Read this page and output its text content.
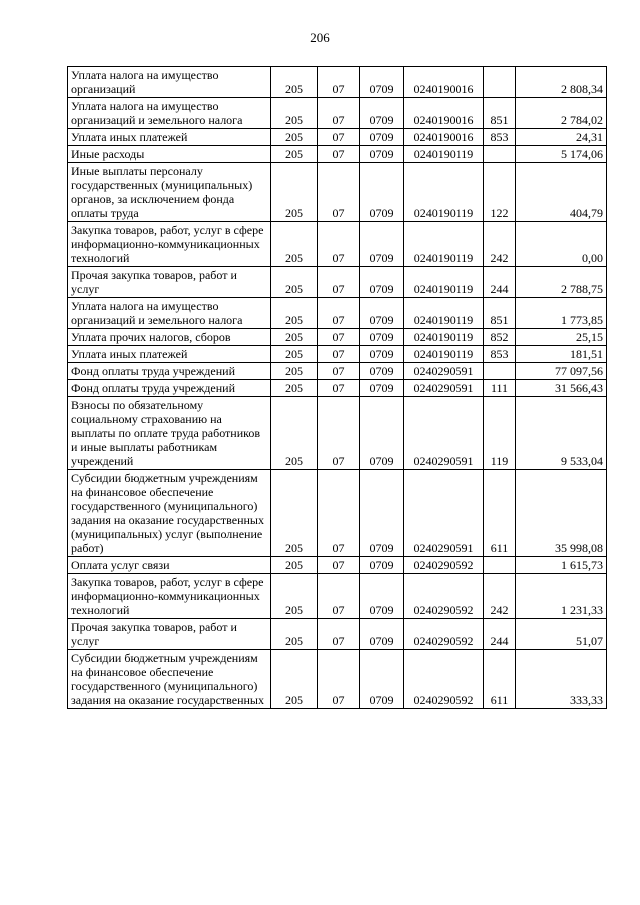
206
Уплата налога на имущество организаций	205	07	0709	0240190016		2 808,34
Уплата налога на имущество организаций и земельного налога	205	07	0709	0240190016	851	2 784,02
Уплата иных платежей	205	07	0709	0240190016	853	24,31
Иные расходы	205	07	0709	0240190119		5 174,06
Иные выплаты персоналу государственных (муниципальных) органов, за исключением фонда оплаты труда	205	07	0709	0240190119	122	404,79
Закупка товаров, работ, услуг в сфере информационно-коммуникационных технологий	205	07	0709	0240190119	242	0,00
Прочая закупка товаров, работ и услуг	205	07	0709	0240190119	244	2 788,75
Уплата налога на имущество организаций и земельного налога	205	07	0709	0240190119	851	1 773,85
Уплата прочих налогов, сборов	205	07	0709	0240190119	852	25,15
Уплата иных платежей	205	07	0709	0240190119	853	181,51
Фонд оплаты труда учреждений	205	07	0709	0240290591		77 097,56
Фонд оплаты труда учреждений	205	07	0709	0240290591	111	31 566,43
Взносы по обязательному социальному страхованию на выплаты по оплате труда работников и иные выплаты работникам учреждений	205	07	0709	0240290591	119	9 533,04
Субсидии бюджетным учреждениям на финансовое обеспечение государственного (муниципального) задания на оказание государственных (муниципальных) услуг (выполнение работ)	205	07	0709	0240290591	611	35 998,08
Оплата услуг связи	205	07	0709	0240290592		1 615,73
Закупка товаров, работ, услуг в сфере информационно-коммуникационных технологий	205	07	0709	0240290592	242	1 231,33
Прочая закупка товаров, работ и услуг	205	07	0709	0240290592	244	51,07
Субсидии бюджетным учреждениям на финансовое обеспечение государственного (муниципального) задания на оказание государственных	205	07	0709	0240290592	611	333,33
